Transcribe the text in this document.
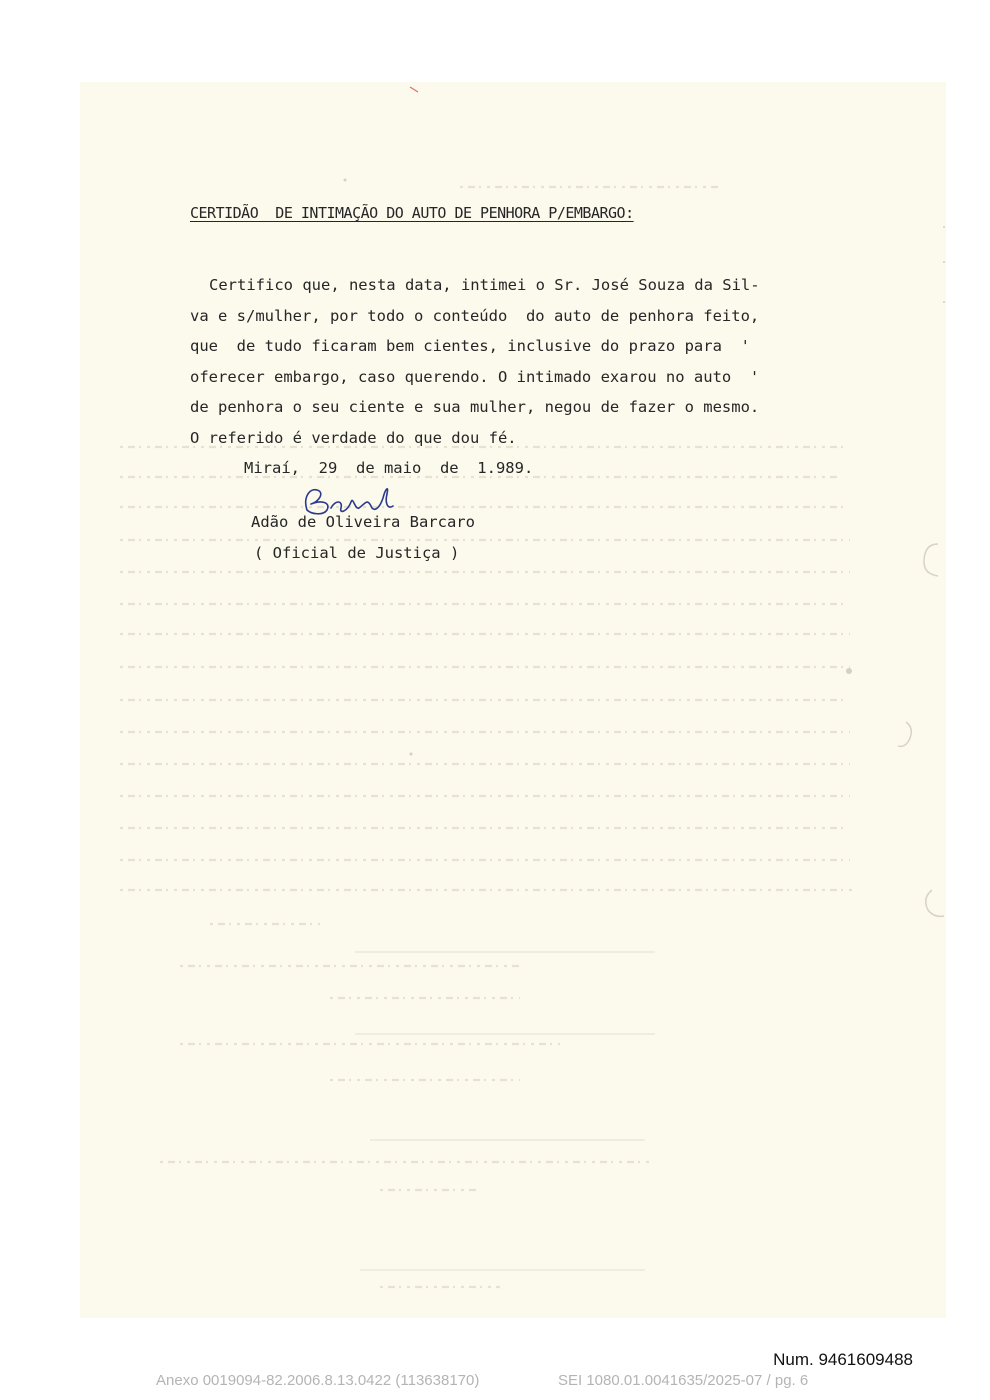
CERTIDÃO  DE INTIMAÇÃO DO AUTO DE PENHORA P/EMBARGO:
Certifico que, nesta data, intimei o Sr. José Souza da Sil-
va e s/mulher, por todo o conteúdo  do auto de penhora feito,
que  de tudo ficaram bem cientes, inclusive do prazo para  '
oferecer embargo, caso querendo. O intimado exarou no auto  '
de penhora o seu ciente e sua mulher, negou de fazer o mesmo.
O referido é verdade do que dou fé.
Miraí,  29  de maio  de  1.989.
Adão de Oliveira Barcaro
( Oficial de Justiça )
Num. 9461609488
Anexo 0019094-82.2006.8.13.0422 (113638170)	SEI 1080.01.0041635/2025-07 / pg. 6
